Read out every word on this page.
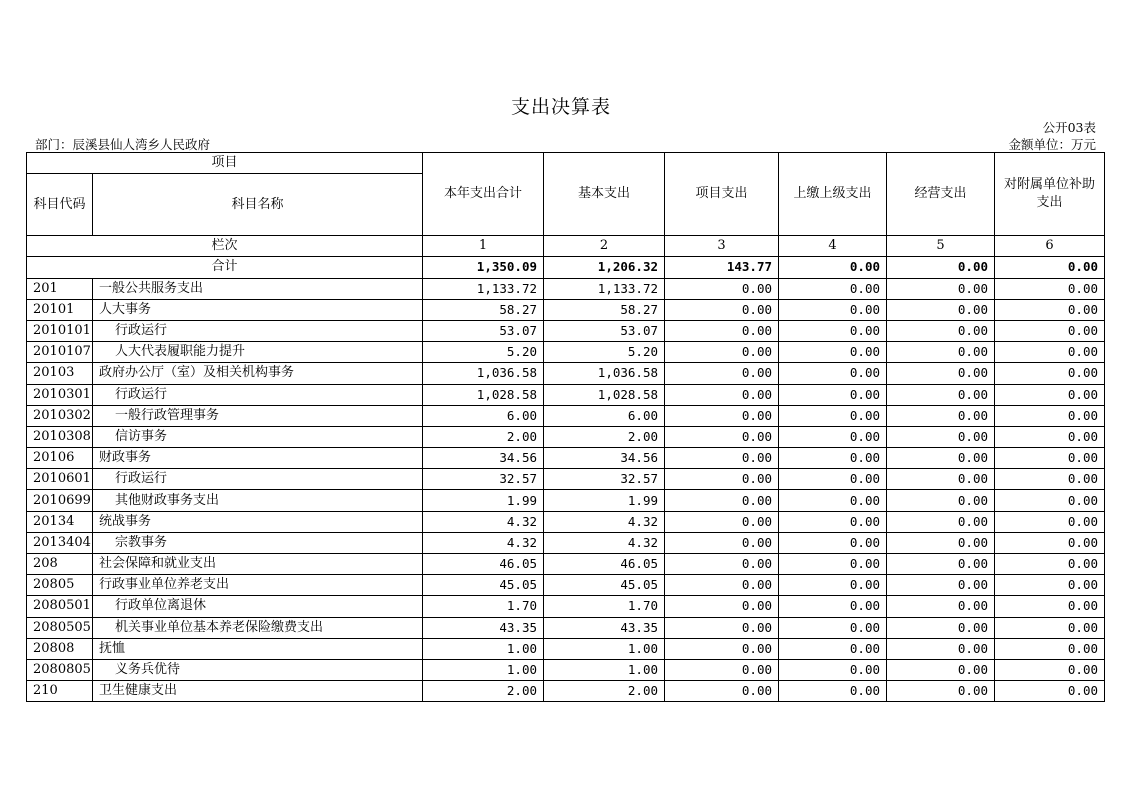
支出决算表
公开03表
金额单位：万元
部门：辰溪县仙人湾乡人民政府
项目		本年支出合计	基本支出	项目支出	上缴上级支出	经营支出	对附属单位补助支出
科目代码	科目名称						
栏次		1	2	3	4	5	6
合计		1,350.09	1,206.32	143.77	0.00	0.00	0.00
201	一般公共服务支出	1,133.72	1,133.72	0.00	0.00	0.00	0.00
20101	人大事务	58.27	58.27	0.00	0.00	0.00	0.00
2010101	行政运行	53.07	53.07	0.00	0.00	0.00	0.00
2010107	人大代表履职能力提升	5.20	5.20	0.00	0.00	0.00	0.00
20103	政府办公厅（室）及相关机构事务	1,036.58	1,036.58	0.00	0.00	0.00	0.00
2010301	行政运行	1,028.58	1,028.58	0.00	0.00	0.00	0.00
2010302	一般行政管理事务	6.00	6.00	0.00	0.00	0.00	0.00
2010308	信访事务	2.00	2.00	0.00	0.00	0.00	0.00
20106	财政事务	34.56	34.56	0.00	0.00	0.00	0.00
2010601	行政运行	32.57	32.57	0.00	0.00	0.00	0.00
2010699	其他财政事务支出	1.99	1.99	0.00	0.00	0.00	0.00
20134	统战事务	4.32	4.32	0.00	0.00	0.00	0.00
2013404	宗教事务	4.32	4.32	0.00	0.00	0.00	0.00
208	社会保障和就业支出	46.05	46.05	0.00	0.00	0.00	0.00
20805	行政事业单位养老支出	45.05	45.05	0.00	0.00	0.00	0.00
2080501	行政单位离退休	1.70	1.70	0.00	0.00	0.00	0.00
2080505	机关事业单位基本养老保险缴费支出	43.35	43.35	0.00	0.00	0.00	0.00
20808	抚恤	1.00	1.00	0.00	0.00	0.00	0.00
2080805	义务兵优待	1.00	1.00	0.00	0.00	0.00	0.00
210	卫生健康支出	2.00	2.00	0.00	0.00	0.00	0.00
